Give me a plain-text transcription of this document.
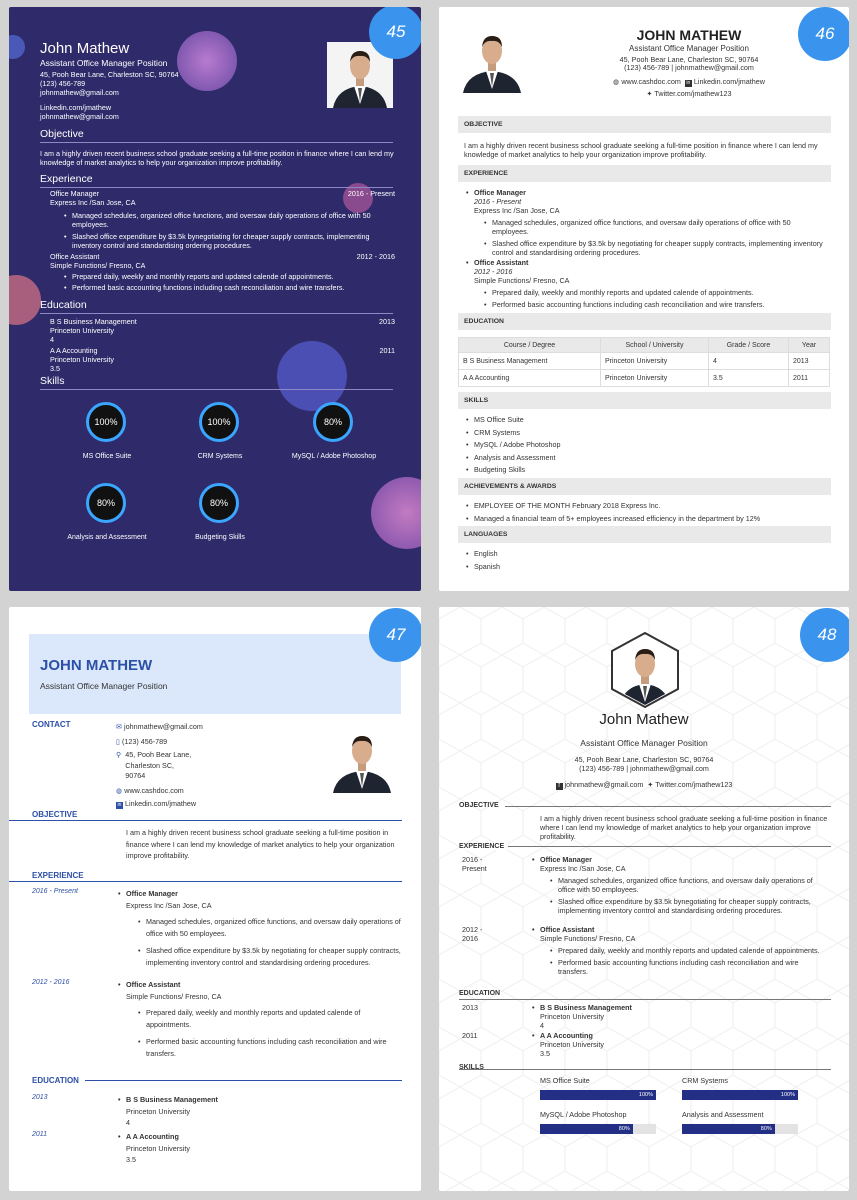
45
John Mathew
Assistant Office Manager Position
45, Pooh Bear Lane, Charleston SC, 90764
(123) 456-789
johnmathew@gmail.com
Linkedin.com/jmathew
johnmathew@gmail.com
Objective
I am a highly driven recent business school graduate seeking a full-time position in finance where I can lend my knowledge of market analytics to help your organization improve profitability.
Experience
Office Manager	2016 - Present
Express Inc /San Jose, CA
• Managed schedules, organized office functions, and oversaw daily operations of office with 50 employees.
• Slashed office expenditure by $3.5k bynegotiating for cheaper supply contracts, implementing inventory control and standardising ordering procedures.
Office Assistant	2012 - 2016
Simple Functions/ Fresno, CA
• Prepared daily, weekly and monthly reports and updated calende of appointments.
• Performed basic accounting functions including cash reconciliation and wire transfers.
Education
B S Business Management	2013
Princeton University
4
A A Accounting	2011
Princeton University
3.5
Skills
100%
MS Office Suite
100%
CRM Systems
80%
MySQL / Adobe Photoshop
80%
Analysis and Assessment
80%
Budgeting Skills
46
JOHN MATHEW
Assistant Office Manager Position
45, Pooh Bear Lane, Charleston SC, 90764
(123) 456-789 | johnmathew@gmail.com
◍ www.cashdoc.com in Linkedin.com/jmathew
✦ Twitter.com/jmathew123
OBJECTIVE
I am a highly driven recent business school graduate seeking a full-time position in finance where I can lend my knowledge of market analytics to help your organization improve profitability.
EXPERIENCE
• Office Manager
2016 - Present
Express Inc /San Jose, CA
• Managed schedules, organized office functions, and oversaw daily operations of office with 50 employees.
• Slashed office expenditure by $3.5k by negotiating for cheaper supply contracts, implementing inventory control and standardising ordering procedures.
• Office Assistant
2012 - 2016
Simple Functions/ Fresno, CA
• Prepared daily, weekly and monthly reports and updated calende of appointments.
• Performed basic accounting functions including cash reconciliation and wire transfers.
EDUCATION
Course / Degree	School / University	Grade / Score	Year
B S Business Management	Princeton University	4	2013
A A Accounting	Princeton University	3.5	2011
SKILLS
• MS Office Suite
• CRM Systems
• MySQL / Adobe Photoshop
• Analysis and Assessment
• Budgeting Skills
ACHIEVEMENTS & AWARDS
• EMPLOYEE OF THE MONTH February 2018 Express Inc.
• Managed a financial team of 5+ employees increased efficiency in the department by 12%
LANGUAGES
• English
• Spanish
47
JOHN MATHEW
Assistant Office Manager Position
CONTACT	✉ johnmathew@gmail.com
▯ (123) 456-789
⚲ 45, Pooh Bear Lane,
Charleston SC,
90764
◍ www.cashdoc.com
in Linkedin.com/jmathew
OBJECTIVE
I am a highly driven recent business school graduate seeking a full-time position in finance where I can lend my knowledge of market analytics to help your organization improve profitability.
EXPERIENCE
2016 - Present	• Office Manager
Express Inc /San Jose, CA
• Managed schedules, organized office functions, and oversaw daily operations of office with 50 employees.
• Slashed office expenditure by $3.5k by negotiating for cheaper supply contracts, implementing inventory control and standardising ordering procedures.
2012 - 2016	• Office Assistant
Simple Functions/ Fresno, CA
• Prepared daily, weekly and monthly reports and updated calende of appointments.
• Performed basic accounting functions including cash reconciliation and wire transfers.
EDUCATION
2013	• B S Business Management
Princeton University
4
2011	• A A Accounting
Princeton University
3.5
48
John Mathew
Assistant Office Manager Position
45, Pooh Bear Lane, Charleston SC, 90764
(123) 456-789 | johnmathew@gmail.com
f johnmathew@gmail.com ✦ Twitter.com/jmathew123
OBJECTIVE
I am a highly driven recent business school graduate seeking a full-time position in finance where I can lend my knowledge of market analytics to help your organization improve profitability.
EXPERIENCE
2016 -
Present
• Office Manager
Express Inc /San Jose, CA
• Managed schedules, organized office functions, and oversaw daily operations of office with 50 employees.
• Slashed office expenditure by $3.5k bynegotiating for cheaper supply contracts, implementing inventory control and standardising ordering procedures.
2012 -
2016
• Office Assistant
Simple Functions/ Fresno, CA
• Prepared daily, weekly and monthly reports and updated calende of appointments.
• Performed basic accounting functions including cash reconciliation and wire transfers.
EDUCATION
2013	• B S Business Management
Princeton University
4
2011	• A A Accounting
Princeton University
3.5
SKILLS
MS Office Suite
100%
CRM Systems
100%
MySQL / Adobe Photoshop
80%
Analysis and Assessment
80%
